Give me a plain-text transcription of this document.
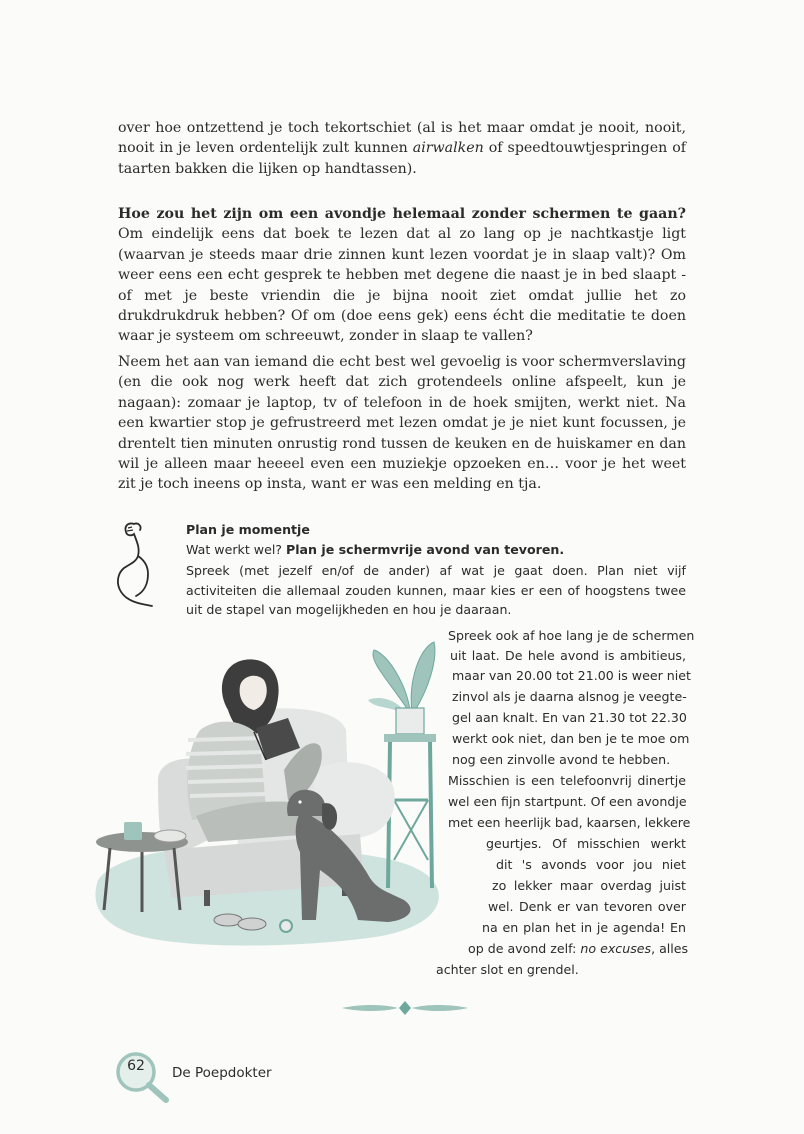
over hoe ontzettend je toch tekortschiet (al is het maar omdat je nooit, nooit, nooit in je leven ordentelijk zult kunnen airwalken of speedtouwtjespringen of taarten bakken die lijken op handtassen).
Hoe zou het zijn om een avondje helemaal zonder schermen te gaan? Om eindelijk eens dat boek te lezen dat al zo lang op je nachtkastje ligt (waarvan je steeds maar drie zinnen kunt lezen voordat je in slaap valt)? Om weer eens een echt gesprek te hebben met degene die naast je in bed slaapt - of met je beste vriendin die je bijna nooit ziet omdat jullie het zo drukdrukdruk hebben? Of om (doe eens gek) eens écht die meditatie te doen waar je systeem om schreeuwt, zonder in slaap te vallen?
Neem het aan van iemand die echt best wel gevoelig is voor schermverslaving (en die ook nog werk heeft dat zich grotendeels online afspeelt, kun je nagaan): zomaar je laptop, tv of telefoon in de hoek smijten, werkt niet. Na een kwartier stop je gefrustreerd met lezen omdat je je niet kunt focussen, je drentelt tien minuten onrustig rond tussen de keuken en de huiskamer en dan wil je alleen maar heeeel even een muziekje opzoeken en… voor je het weet zit je toch ineens op insta, want er was een melding en tja.
Plan je momentje
Wat werkt wel? Plan je schermvrije avond van tevoren.
Spreek (met jezelf en/of de ander) af wat je gaat doen. Plan niet vijf activiteiten die allemaal zouden kunnen, maar kies er een of hoogstens twee uit de stapel van mogelijkheden en hou je daaraan.
Spreek ook af hoe lang je de schermen
uit laat. De hele avond is ambitieus,
maar van 20.00 tot 21.00 is weer niet
zinvol als je daarna alsnog je veegte-
gel aan knalt. En van 21.30 tot 22.30
werkt ook niet, dan ben je te moe om
nog een zinvolle avond te hebben.
Misschien is een telefoonvrij dinertje
wel een fijn startpunt. Of een avondje
met een heerlijk bad, kaarsen, lekkere
geurtjes. Of misschien werkt
dit 's avonds voor jou niet
zo lekker maar overdag juist
wel. Denk er van tevoren over
na en plan het in je agenda! En
op de avond zelf: no excuses, alles
achter slot en grendel.
62	De Poepdokter
